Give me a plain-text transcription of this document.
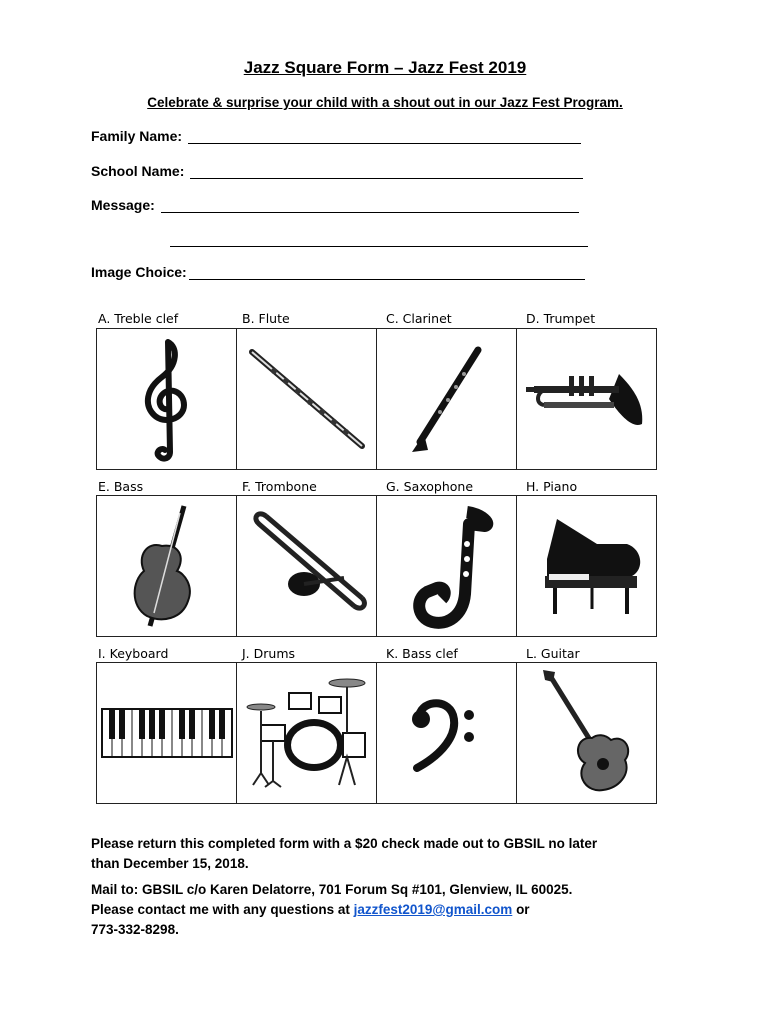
Jazz Square Form – Jazz Fest 2019
Celebrate & surprise your child with a shout out in our Jazz Fest Program.
Family Name:
School Name:
Message:
Image Choice:
A. Treble clef	B. Flute	C. Clarinet	D. Trumpet
E. Bass	F. Trombone	G. Saxophone	H. Piano
I. Keyboard	J. Drums	K. Bass clef	L. Guitar
Please return this completed form with a $20 check made out to GBSIL no later
than December 15, 2018.
Mail to: GBSIL c/o Karen Delatorre, 701 Forum Sq #101, Glenview, IL 60025.
Please contact me with any questions at jazzfest2019@gmail.com or
773-332-8298.
